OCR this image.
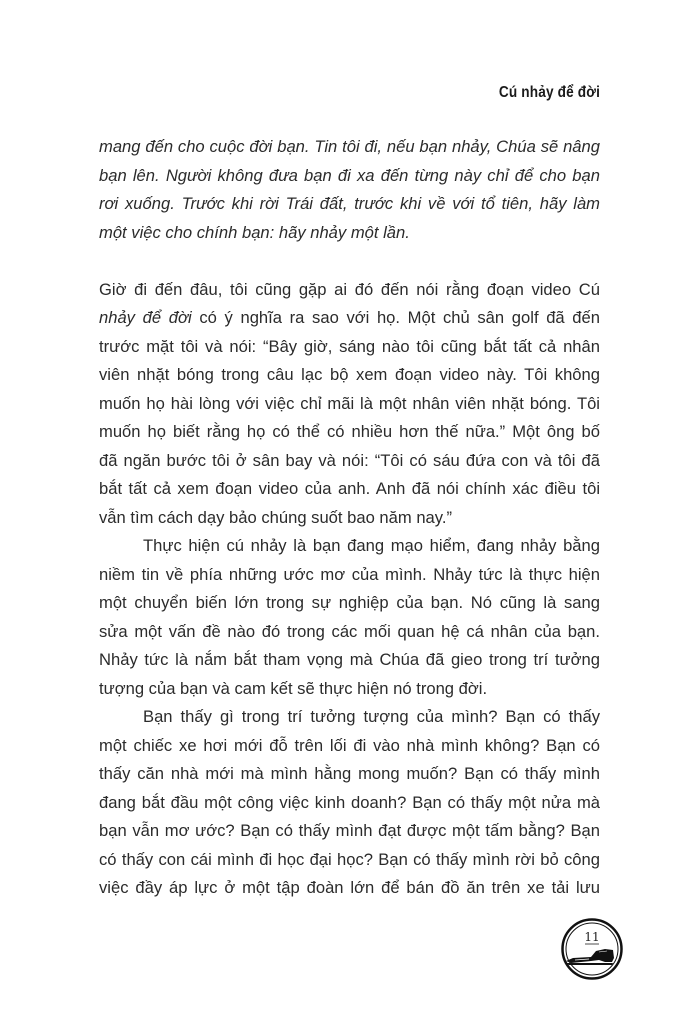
Cú nhảy để đời
mang đến cho cuộc đời bạn. Tin tôi đi, nếu bạn nhảy, Chúa sẽ nâng
bạn lên. Người không đưa bạn đi xa đến từng này chỉ để cho bạn
rơi xuống. Trước khi rời Trái đất, trước khi về với tổ tiên, hãy làm
một việc cho chính bạn: hãy nhảy một lần.
Giờ đi đến đâu, tôi cũng gặp ai đó đến nói rằng đoạn video Cú
nhảy để đời có ý nghĩa ra sao với họ. Một chủ sân golf đã đến
trước mặt tôi và nói: “Bây giờ, sáng nào tôi cũng bắt tất cả nhân
viên nhặt bóng trong câu lạc bộ xem đoạn video này. Tôi không
muốn họ hài lòng với việc chỉ mãi là một nhân viên nhặt bóng. Tôi
muốn họ biết rằng họ có thể có nhiều hơn thế nữa.” Một ông bố
đã ngăn bước tôi ở sân bay và nói: “Tôi có sáu đứa con và tôi đã
bắt tất cả xem đoạn video của anh. Anh đã nói chính xác điều tôi
vẫn tìm cách dạy bảo chúng suốt bao năm nay.”
Thực hiện cú nhảy là bạn đang mạo hiểm, đang nhảy bằng
niềm tin về phía những ước mơ của mình. Nhảy tức là thực hiện
một chuyển biến lớn trong sự nghiệp của bạn. Nó cũng là sang
sửa một vấn đề nào đó trong các mối quan hệ cá nhân của bạn.
Nhảy tức là nắm bắt tham vọng mà Chúa đã gieo trong trí tưởng
tượng của bạn và cam kết sẽ thực hiện nó trong đời.
Bạn thấy gì trong trí tưởng tượng của mình? Bạn có thấy
một chiếc xe hơi mới đỗ trên lối đi vào nhà mình không? Bạn có
thấy căn nhà mới mà mình hằng mong muốn? Bạn có thấy mình
đang bắt đầu một công việc kinh doanh? Bạn có thấy một nửa mà
bạn vẫn mơ ước? Bạn có thấy mình đạt được một tấm bằng? Bạn
có thấy con cái mình đi học đại học? Bạn có thấy mình rời bỏ công
việc đầy áp lực ở một tập đoàn lớn để bán đồ ăn trên xe tải lưu
11
